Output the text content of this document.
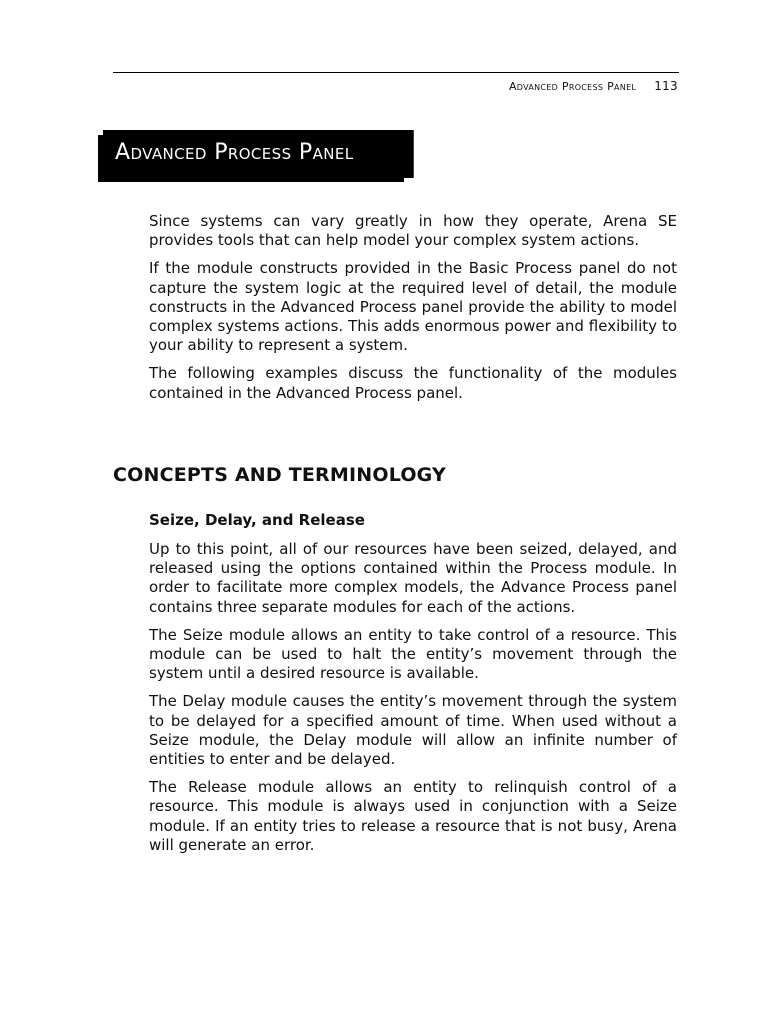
Advanced Process Panel 113
Advanced Process Panel

Since systems can vary greatly in how they operate, Arena SE provides tools that can help model your complex system actions.

If the module constructs provided in the Basic Process panel do not capture the system logic at the required level of detail, the module constructs in the Advanced Process panel provide the ability to model complex systems actions. This adds enormous power and flexibility to your ability to represent a system.

The following examples discuss the functionality of the modules contained in the Advanced Process panel.

CONCEPTS AND TERMINOLOGY
Seize, Delay, and Release

Up to this point, all of our resources have been seized, delayed, and released using the options contained within the Process module. In order to facilitate more complex models, the Advance Process panel contains three separate modules for each of the actions.

The Seize module allows an entity to take control of a resource. This module can be used to halt the entity’s movement through the system until a desired resource is available.

The Delay module causes the entity’s movement through the system to be delayed for a specified amount of time. When used without a Seize module, the Delay module will allow an infinite number of entities to enter and be delayed.

The Release module allows an entity to relinquish control of a resource. This module is always used in conjunction with a Seize module. If an entity tries to release a resource that is not busy, Arena will generate an error.
